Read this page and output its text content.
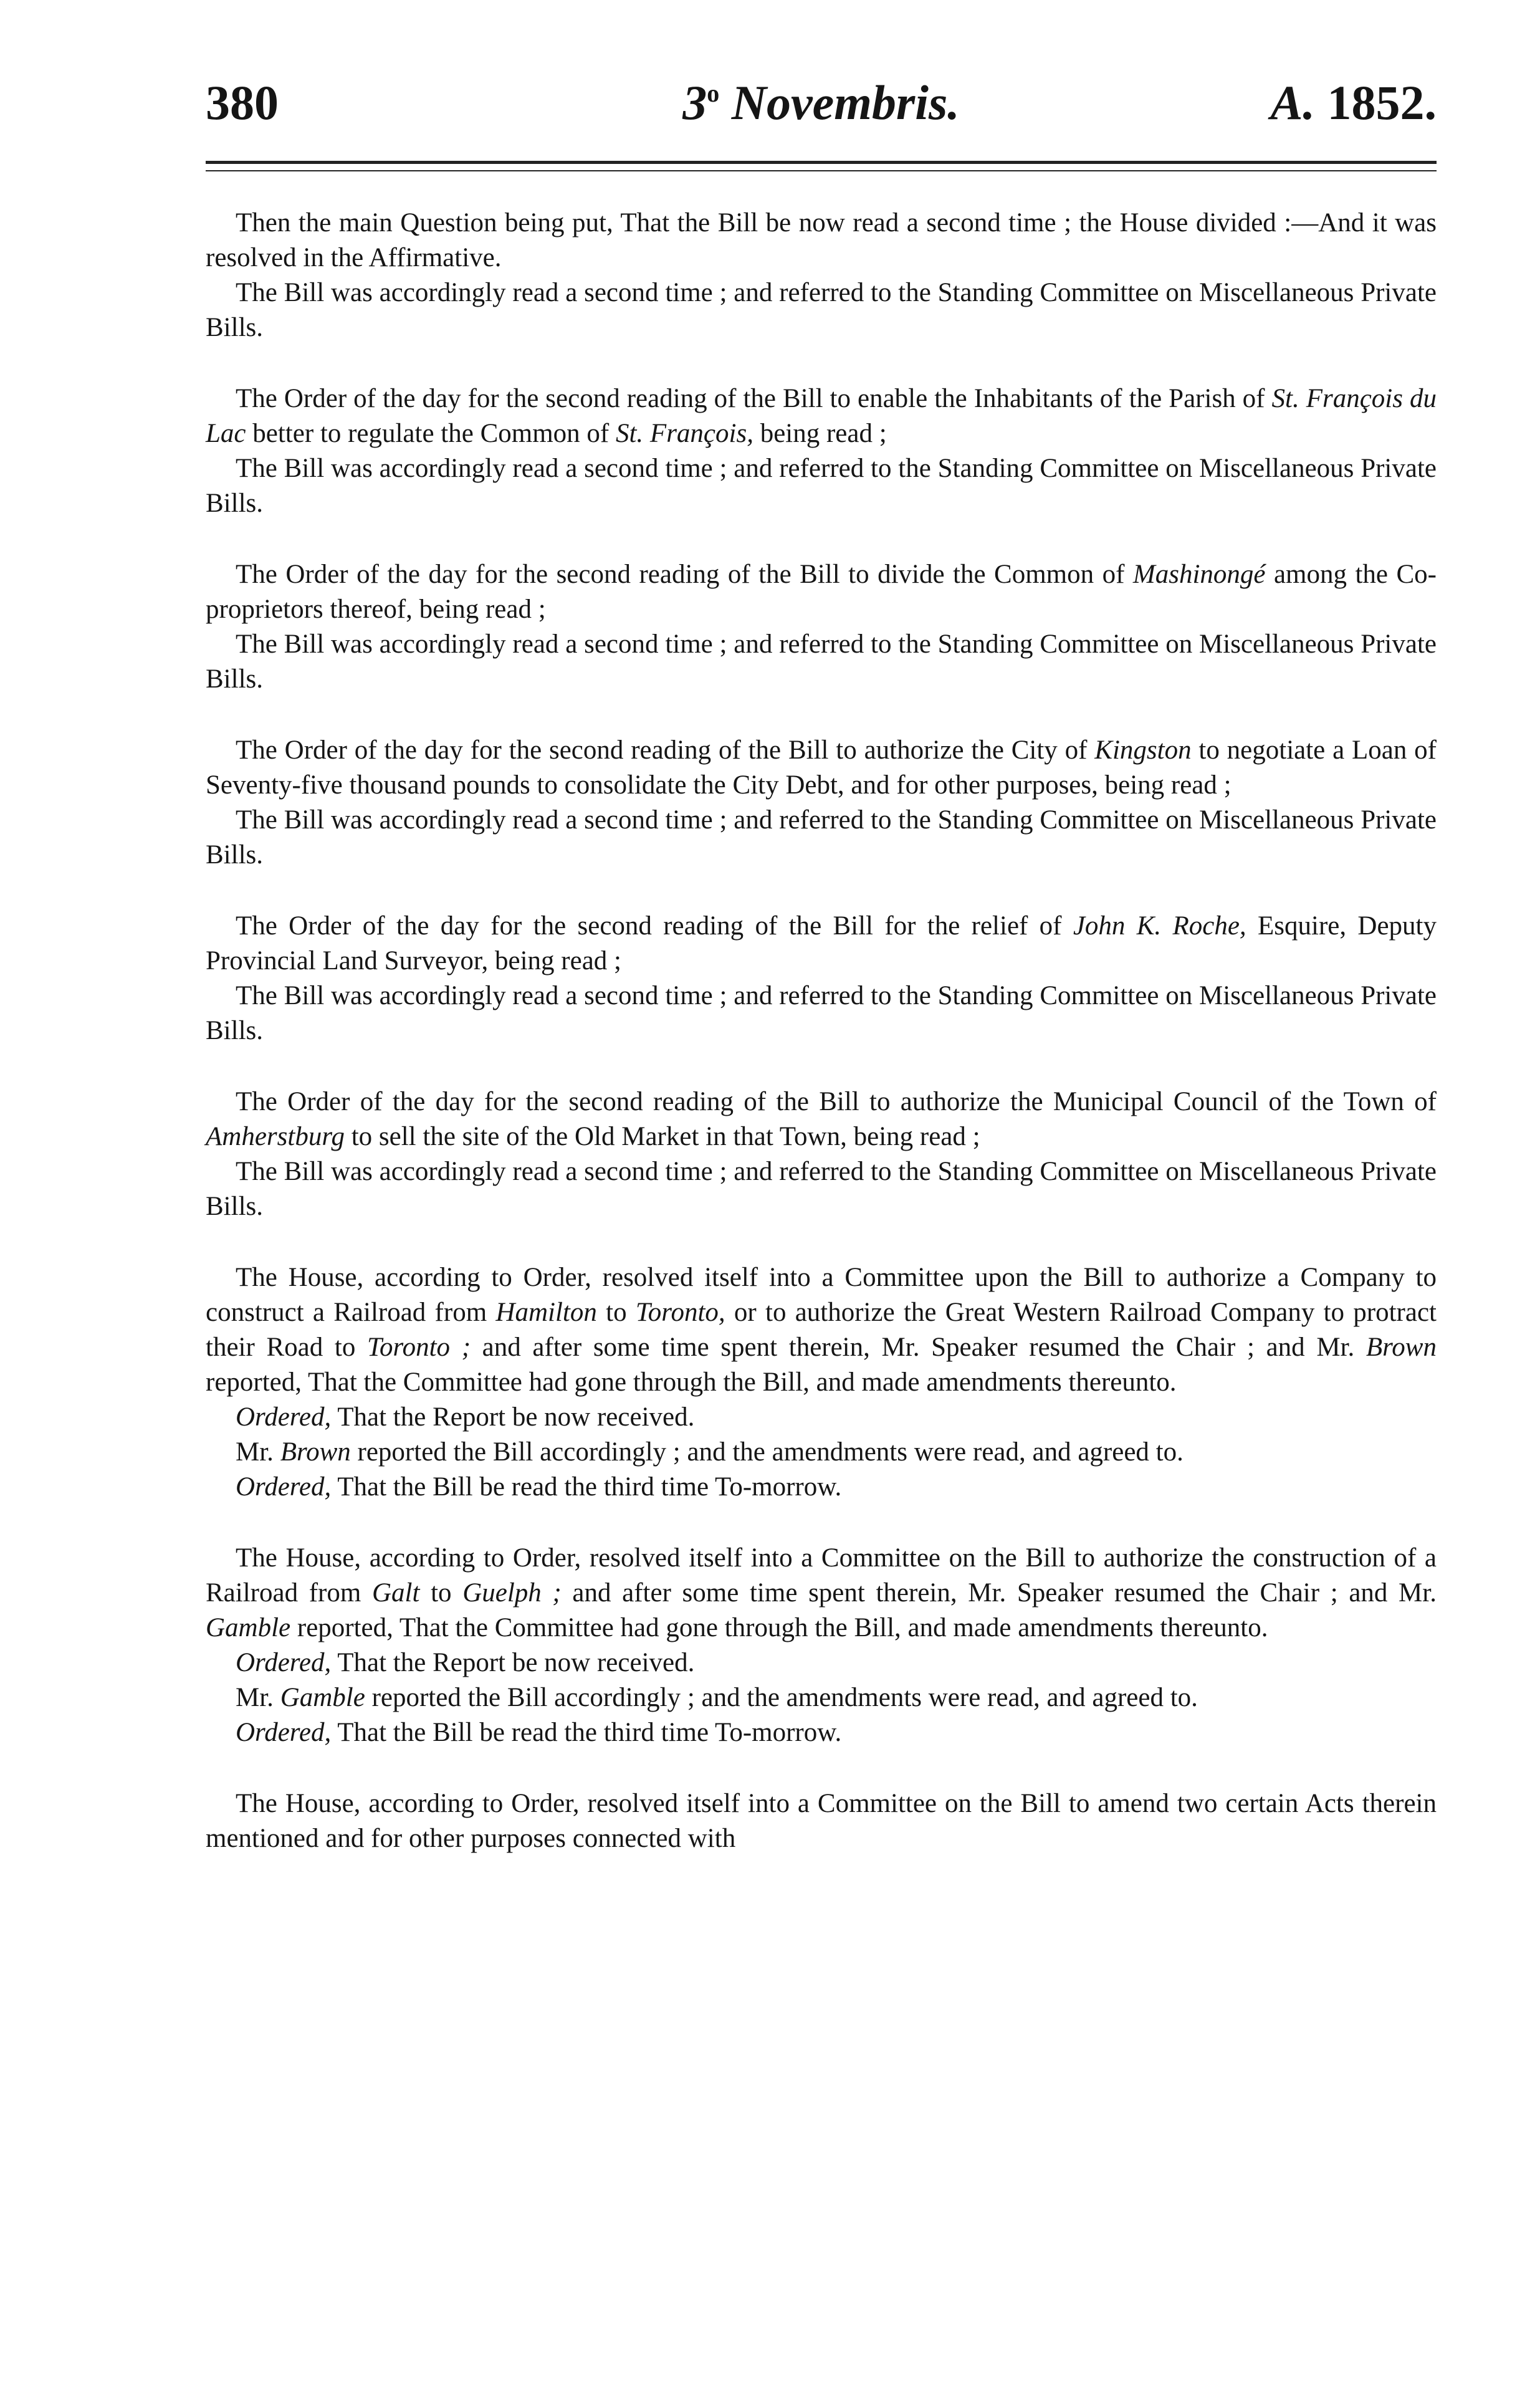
380	3$^o$ Novembris.	A. 1852.

Then the main Question being put, That the Bill be now read a second time ; the House divided :—And it was resolved in the Affirmative.

The Bill was accordingly read a second time ; and referred to the Standing Committee on Miscellaneous Private Bills.

The Order of the day for the second reading of the Bill to enable the Inhabitants of the Parish of St. François du Lac better to regulate the Common of St. François, being read ;

The Bill was accordingly read a second time ; and referred to the Standing Committee on Miscellaneous Private Bills.

The Order of the day for the second reading of the Bill to divide the Common of Mashinongé among the Co-proprietors thereof, being read ;

The Bill was accordingly read a second time ; and referred to the Standing Committee on Miscellaneous Private Bills.

The Order of the day for the second reading of the Bill to authorize the City of Kingston to negotiate a Loan of Seventy-five thousand pounds to consolidate the City Debt, and for other purposes, being read ;

The Bill was accordingly read a second time ; and referred to the Standing Committee on Miscellaneous Private Bills.

The Order of the day for the second reading of the Bill for the relief of John K. Roche, Esquire, Deputy Provincial Land Surveyor, being read ;

The Bill was accordingly read a second time ; and referred to the Standing Committee on Miscellaneous Private Bills.

The Order of the day for the second reading of the Bill to authorize the Municipal Council of the Town of Amherstburg to sell the site of the Old Market in that Town, being read ;

The Bill was accordingly read a second time ; and referred to the Standing Committee on Miscellaneous Private Bills.

The House, according to Order, resolved itself into a Committee upon the Bill to authorize a Company to construct a Railroad from Hamilton to Toronto, or to authorize the Great Western Railroad Company to protract their Road to Toronto ; and after some time spent therein, Mr. Speaker resumed the Chair ; and Mr. Brown reported, That the Committee had gone through the Bill, and made amendments thereunto.

Ordered, That the Report be now received.

Mr. Brown reported the Bill accordingly ; and the amendments were read, and agreed to.

Ordered, That the Bill be read the third time To-morrow.

The House, according to Order, resolved itself into a Committee on the Bill to authorize the construction of a Railroad from Galt to Guelph ; and after some time spent therein, Mr. Speaker resumed the Chair ; and Mr. Gamble reported, That the Committee had gone through the Bill, and made amendments thereunto.

Ordered, That the Report be now received.

Mr. Gamble reported the Bill accordingly ; and the amendments were read, and agreed to.

Ordered, That the Bill be read the third time To-morrow.

The House, according to Order, resolved itself into a Committee on the Bill to amend two certain Acts therein mentioned and for other purposes connected with
